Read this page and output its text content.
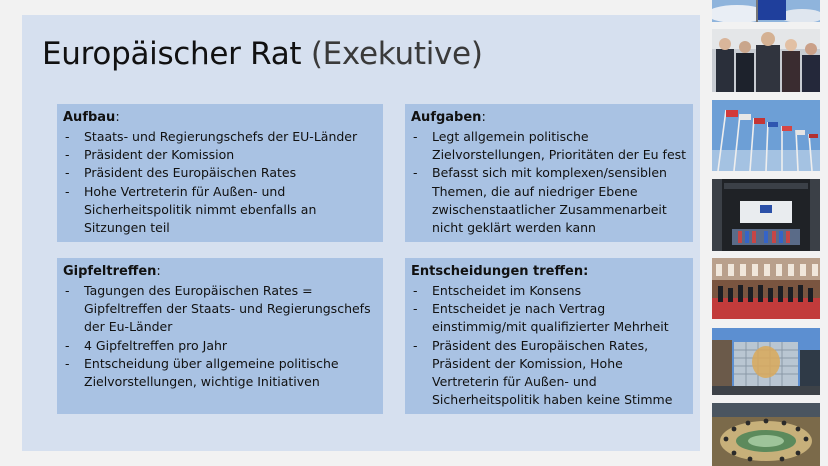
Europäischer Rat (Exekutive)
Aufbau:
- Staats- und Regierungschefs der EU-Länder
- Präsident der Komission
- Präsident des Europäischen Rates
- Hohe Vertreterin für Außen- und
Sicherheitspolitik nimmt ebenfalls an
Sitzungen teil
Aufgaben:
- Legt allgemein politische
Zielvorstellungen, Prioritäten der Eu fest
- Befasst sich mit komplexen/sensiblen
Themen, die auf niedriger Ebene
zwischenstaatlicher Zusammenarbeit
nicht geklärt werden kann
Gipfeltreffen:
- Tagungen des Europäischen Rates =
Gipfeltreffen der Staats- und Regierungschefs
der Eu-Länder
- 4 Gipfeltreffen pro Jahr
- Entscheidung über allgemeine politische
Zielvorstellungen, wichtige Initiativen
Entscheidungen treffen:
- Entscheidet im Konsens
- Entscheidet je nach Vertrag
einstimmig/mit qualifizierter Mehrheit
- Präsident des Europäischen Rates,
Präsident der Komission, Hohe
Vertreterin für Außen- und
Sicherheitspolitik haben keine Stimme
